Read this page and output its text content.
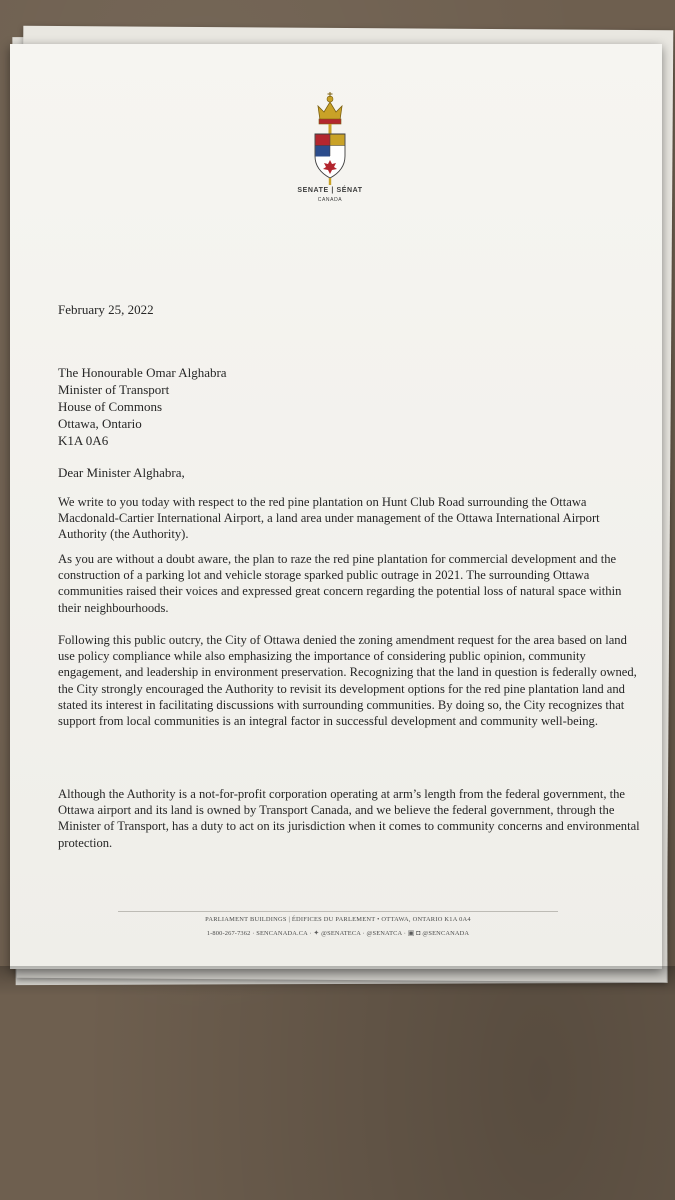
SENATE | SÉNAT
CANADA
February 25, 2022
The Honourable Omar Alghabra
Minister of Transport
House of Commons
Ottawa, Ontario
K1A 0A6
Dear Minister Alghabra,

We write to you today with respect to the red pine plantation on Hunt Club Road surrounding the Ottawa Macdonald-Cartier International Airport, a land area under management of the Ottawa International Airport Authority (the Authority).

As you are without a doubt aware, the plan to raze the red pine plantation for commercial development and the construction of a parking lot and vehicle storage sparked public outrage in 2021. The surrounding Ottawa communities raised their voices and expressed great concern regarding the potential loss of natural space within their neighbourhoods.

Following this public outcry, the City of Ottawa denied the zoning amendment request for the area based on land use policy compliance while also emphasizing the importance of considering public opinion, community engagement, and leadership in environment preservation. Recognizing that the land in question is federally owned, the City strongly encouraged the Authority to revisit its development options for the red pine plantation land and stated its interest in facilitating discussions with surrounding communities. By doing so, the City recognizes that support from local communities is an integral factor in successful development and community well-being.

Although the Authority is a not-for-profit corporation operating at arm’s length from the federal government, the Ottawa airport and its land is owned by Transport Canada, and we believe the federal government, through the Minister of Transport, has a duty to act on its jurisdiction when it comes to community concerns and environmental protection.

PARLIAMENT BUILDINGS | ÉDIFICES DU PARLEMENT • OTTAWA, ONTARIO K1A 0A4
1-800-267-7362 · SENCANADA.CA · ✦ @SENATECA · @SENATCA · ▣ ◘ @SENCANADA
